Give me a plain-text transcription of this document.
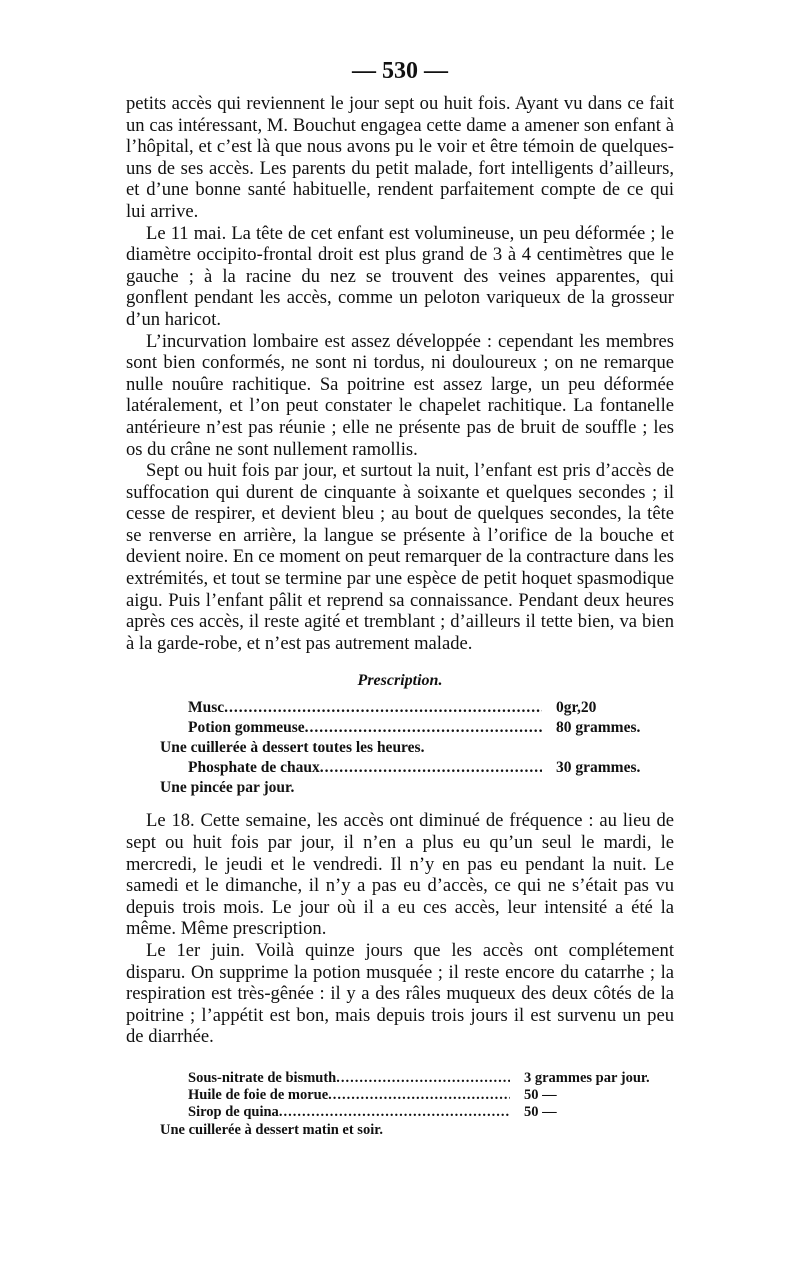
— 530 —

petits accès qui reviennent le jour sept ou huit fois. Ayant vu dans ce fait un cas intéressant, M. Bouchut engagea cette dame a amener son enfant à l’hôpital, et c’est là que nous avons pu le voir et être témoin de quelques-uns de ses accès. Les parents du petit malade, fort intelligents d’ailleurs, et d’une bonne santé habituelle, rendent parfaitement compte de ce qui lui arrive.

Le 11 mai. La tête de cet enfant est volumineuse, un peu déformée ; le diamètre occipito-frontal droit est plus grand de 3 à 4 centimètres que le gauche ; à la racine du nez se trouvent des veines apparentes, qui gonflent pendant les accès, comme un peloton variqueux de la grosseur d’un haricot.

L’incurvation lombaire est assez développée : cependant les membres sont bien conformés, ne sont ni tordus, ni douloureux ; on ne remarque nulle nouûre rachitique. Sa poitrine est assez large, un peu déformée latéralement, et l’on peut constater le chapelet rachitique. La fontanelle antérieure n’est pas réunie ; elle ne présente pas de bruit de souffle ; les os du crâne ne sont nullement ramollis.

Sept ou huit fois par jour, et surtout la nuit, l’enfant est pris d’accès de suffocation qui durent de cinquante à soixante et quelques secondes ; il cesse de respirer, et devient bleu ; au bout de quelques secondes, la tête se renverse en arrière, la langue se présente à l’orifice de la bouche et devient noire. En ce moment on peut remarquer de la contracture dans les extrémités, et tout se termine par une espèce de petit hoquet spasmodique aigu. Puis l’enfant pâlit et reprend sa connaissance. Pendant deux heures après ces accès, il reste agité et tremblant ; d’ailleurs il tette bien, va bien à la garde-robe, et n’est pas autrement malade.

Prescription.
Musc .....	0gr,20
Potion gommeuse .....	80 grammes.
Une cuillerée à dessert toutes les heures.
Phosphate de chaux .....	30 grammes.
Une pincée par jour.

Le 18. Cette semaine, les accès ont diminué de fréquence : au lieu de sept ou huit fois par jour, il n’en a plus eu qu’un seul le mardi, le mercredi, le jeudi et le vendredi. Il n’y en pas eu pendant la nuit. Le samedi et le dimanche, il n’y a pas eu d’accès, ce qui ne s’était pas vu depuis trois mois. Le jour où il a eu ces accès, leur intensité a été la même. Même prescription.

Le 1er juin. Voilà quinze jours que les accès ont complétement disparu. On supprime la potion musquée ; il reste encore du catarrhe ; la respiration est très-gênée : il y a des râles muqueux des deux côtés de la poitrine ; l’appétit est bon, mais depuis trois jours il est survenu un peu de diarrhée.

Sous-nitrate de bismuth .....	3 grammes par jour.
Huile de foie de morue .....	50 —
Sirop de quina .....	50 —
Une cuillerée à dessert matin et soir.
